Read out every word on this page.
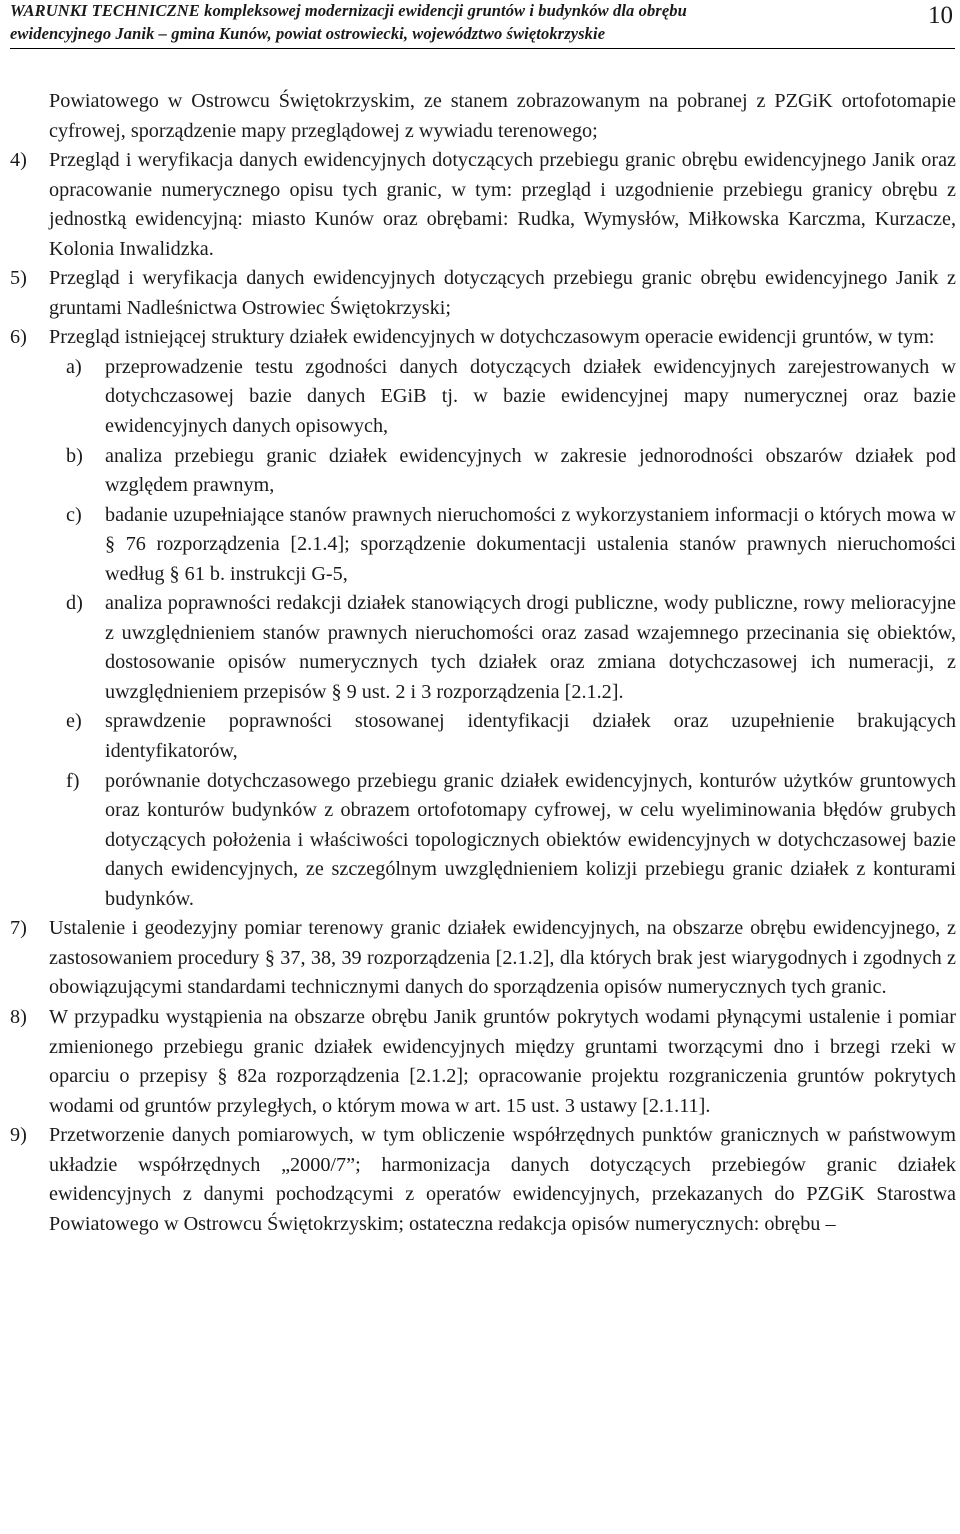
WARUNKI TECHNICZNE kompleksowej modernizacji ewidencji gruntów i budynków dla obrębu
ewidencyjnego Janik – gmina Kunów, powiat ostrowiecki, województwo świętokrzyskie
10
Powiatowego w Ostrowcu Świętokrzyskim, ze stanem zobrazowanym na pobranej z PZGiK ortofotomapie cyfrowej, sporządzenie mapy przeglądowej z wywiadu terenowego;
4) Przegląd i weryfikacja danych ewidencyjnych dotyczących przebiegu granic obrębu ewidencyjnego Janik oraz opracowanie numerycznego opisu tych granic, w tym: przegląd i uzgodnienie przebiegu granicy obrębu z jednostką ewidencyjną: miasto Kunów oraz obrębami: Rudka, Wymysłów, Miłkowska Karczma, Kurzacze, Kolonia Inwalidzka.
5) Przegląd i weryfikacja danych ewidencyjnych dotyczących przebiegu granic obrębu ewidencyjnego Janik z gruntami Nadleśnictwa Ostrowiec Świętokrzyski;
6) Przegląd istniejącej struktury działek ewidencyjnych w dotychczasowym operacie ewidencji gruntów, w tym:
a) przeprowadzenie testu zgodności danych dotyczących działek ewidencyjnych zarejestrowanych w dotychczasowej bazie danych EGiB tj. w bazie ewidencyjnej mapy numerycznej oraz bazie ewidencyjnych danych opisowych,
b) analiza przebiegu granic działek ewidencyjnych w zakresie jednorodności obszarów działek pod względem prawnym,
c) badanie uzupełniające stanów prawnych nieruchomości z wykorzystaniem informacji o których mowa w § 76 rozporządzenia [2.1.4]; sporządzenie dokumentacji ustalenia stanów prawnych nieruchomości według § 61 b. instrukcji G-5,
d) analiza poprawności redakcji działek stanowiących drogi publiczne, wody publiczne, rowy melioracyjne z uwzględnieniem stanów prawnych nieruchomości oraz zasad wzajemnego przecinania się obiektów, dostosowanie opisów numerycznych tych działek oraz zmiana dotychczasowej ich numeracji, z uwzględnieniem przepisów § 9 ust. 2 i 3 rozporządzenia [2.1.2].
e) sprawdzenie poprawności stosowanej identyfikacji działek oraz uzupełnienie brakujących identyfikatorów,
f) porównanie dotychczasowego przebiegu granic działek ewidencyjnych, konturów użytków gruntowych oraz konturów budynków z obrazem ortofotomapy cyfrowej, w celu wyeliminowania błędów grubych dotyczących położenia i właściwości topologicznych obiektów ewidencyjnych w dotychczasowej bazie danych ewidencyjnych, ze szczególnym uwzględnieniem kolizji przebiegu granic działek z konturami budynków.
7) Ustalenie i geodezyjny pomiar terenowy granic działek ewidencyjnych, na obszarze obrębu ewidencyjnego, z zastosowaniem procedury § 37, 38, 39 rozporządzenia [2.1.2], dla których brak jest wiarygodnych i zgodnych z obowiązującymi standardami technicznymi danych do sporządzenia opisów numerycznych tych granic.
8) W przypadku wystąpienia na obszarze obrębu Janik gruntów pokrytych wodami płynącymi ustalenie i pomiar zmienionego przebiegu granic działek ewidencyjnych między gruntami tworzącymi dno i brzegi rzeki w oparciu o przepisy § 82a rozporządzenia [2.1.2]; opracowanie projektu rozgraniczenia gruntów pokrytych wodami od gruntów przyległych, o którym mowa w art. 15 ust. 3 ustawy [2.1.11].
9) Przetworzenie danych pomiarowych, w tym obliczenie współrzędnych punktów granicznych w państwowym układzie współrzędnych „2000/7”; harmonizacja danych dotyczących przebiegów granic działek ewidencyjnych z danymi pochodzącymi z operatów ewidencyjnych, przekazanych do PZGiK Starostwa Powiatowego w Ostrowcu Świętokrzyskim; ostateczna redakcja opisów numerycznych: obrębu –
